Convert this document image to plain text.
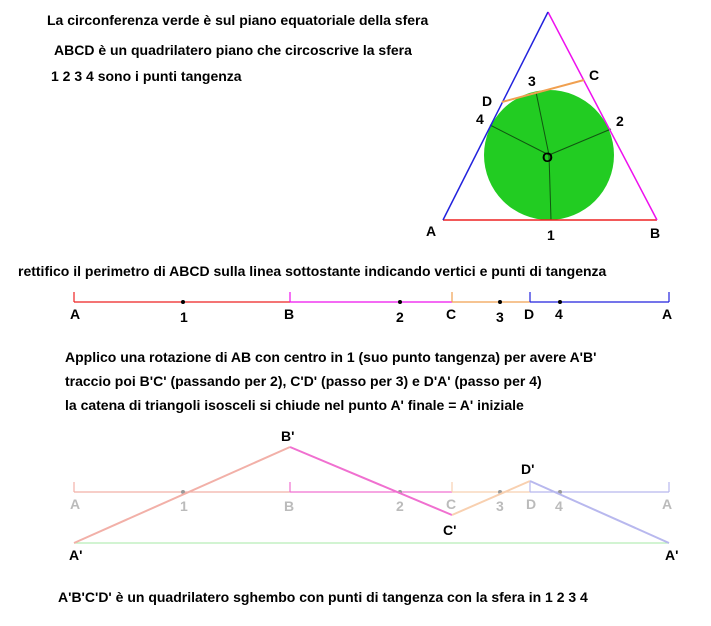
La circonferenza verde è sul piano equatoriale della sfera
ABCD è un quadrilatero piano che circoscrive la sfera
1 2 3 4 sono i punti tangenza
A	B
C
D
O
1
2
3
4
rettifico il perimetro di ABCD sulla linea sottostante indicando vertici e punti di tangenza
A	1	B	2	C	3 D 4	A
Applico una rotazione di AB con centro in 1 (suo punto tangenza) per avere A'B'
traccio poi B'C' (passando per 2), C'D' (passo per 3) e D'A' (passo per 4)
la catena di triangoli isosceli si chiude nel punto A' finale = A' iniziale
A	1	B	2	C	3 D 4	A
B'
C'
D'
A'	A'
A'B'C'D' è un quadrilatero sghembo con punti di tangenza con la sfera in 1 2 3 4
